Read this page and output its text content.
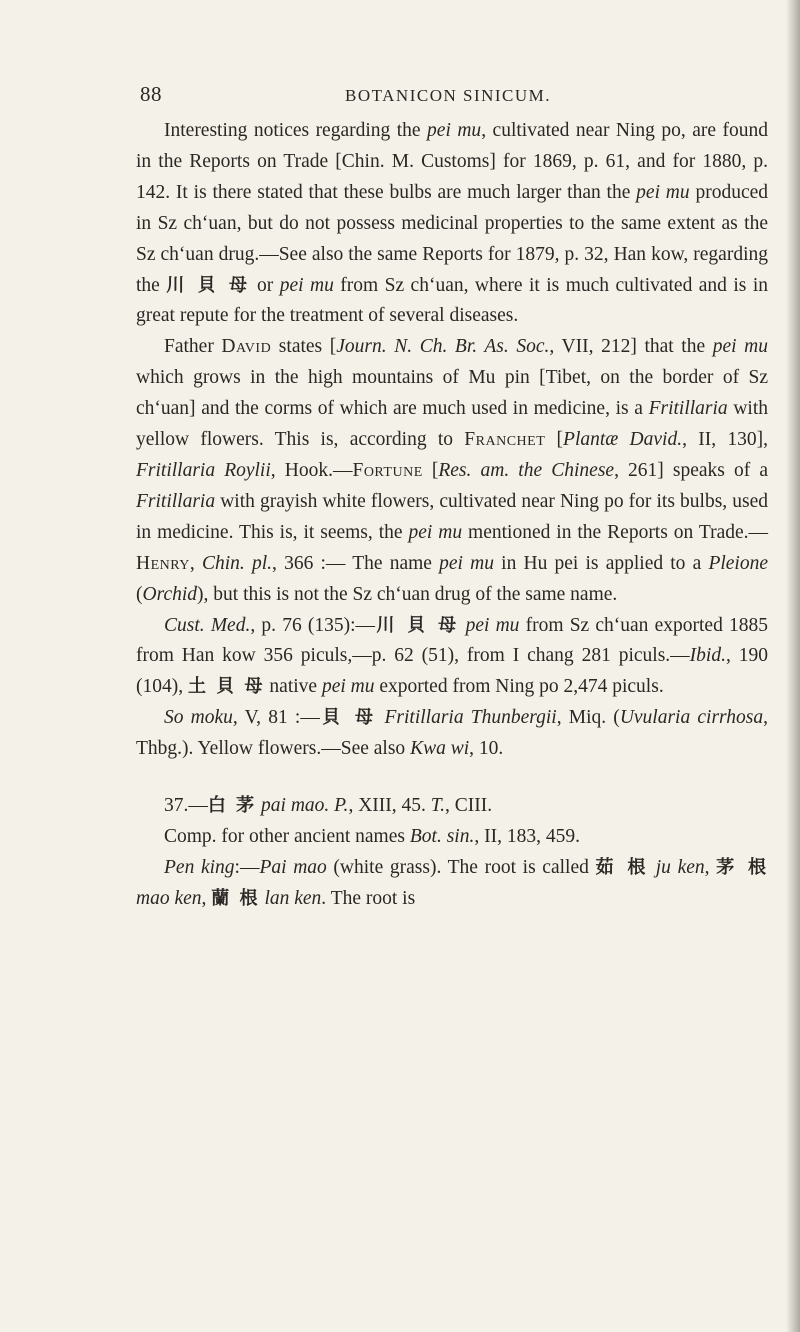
88	BOTANICON SINICUM.

Interesting notices regarding the pei mu, cultivated near Ning po, are found in the Reports on Trade [Chin. M. Customs] for 1869, p. 61, and for 1880, p. 142. It is there stated that these bulbs are much larger than the pei mu produced in Sz ch‘uan, but do not possess medicinal properties to the same extent as the Sz ch‘uan drug.—See also the same Reports for 1879, p. 32, Han kow, regarding the 川 貝 母 or pei mu from Sz ch‘uan, where it is much cultivated and is in great repute for the treatment of several diseases.

Father David states [Journ. N. Ch. Br. As. Soc., VII, 212] that the pei mu which grows in the high mountains of Mu pin [Tibet, on the border of Sz ch‘uan] and the corms of which are much used in medicine, is a Fritillaria with yellow flowers. This is, according to Franchet [Plantæ David., II, 130], Fritillaria Roylii, Hook.—Fortune [Res. am. the Chinese, 261] speaks of a Fritillaria with grayish white flowers, cultivated near Ning po for its bulbs, used in medicine. This is, it seems, the pei mu mentioned in the Reports on Trade.—Henry, Chin. pl., 366 :— The name pei mu in Hu pei is applied to a Pleione (Orchid), but this is not the Sz ch‘uan drug of the same name.

Cust. Med., p. 76 (135):—川 貝 母 pei mu from Sz ch‘uan exported 1885 from Han kow 356 piculs,—p. 62 (51), from I chang 281 piculs.—Ibid., 190 (104), 土 貝 母 native pei mu exported from Ning po 2,474 piculs.

So moku, V, 81 :—貝 母 Fritillaria Thunbergii, Miq. (Uvularia cirrhosa, Thbg.). Yellow flowers.—See also Kwa wi, 10.

37.—白 茅 pai mao. P., XIII, 45. T., CIII.

Comp. for other ancient names Bot. sin., II, 183, 459.

Pen king:—Pai mao (white grass). The root is called 茹 根 ju ken, 茅 根 mao ken, 蘭 根 lan ken. The root is
